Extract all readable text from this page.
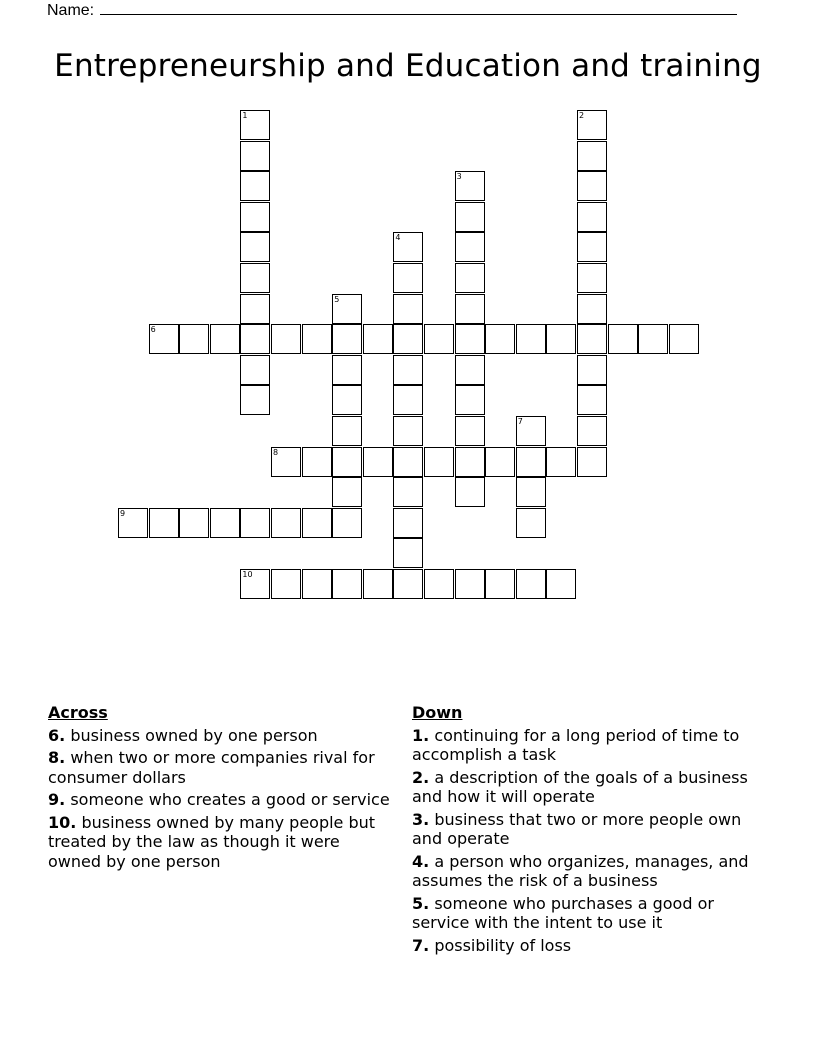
Name:
Entrepreneurship and Education and training
6
8
9
10
1	2
3
4
5
7
Across
6. business owned by one person
8. when two or more companies rival for consumer dollars
9. someone who creates a good or service
10. business owned by many people but treated by the law as though it were owned by one person
Down
1. continuing for a long period of time to accomplish a task
2. a description of the goals of a business and how it will operate
3. business that two or more people own and operate
4. a person who organizes, manages, and assumes the risk of a business
5. someone who purchases a good or service with the intent to use it
7. possibility of loss
